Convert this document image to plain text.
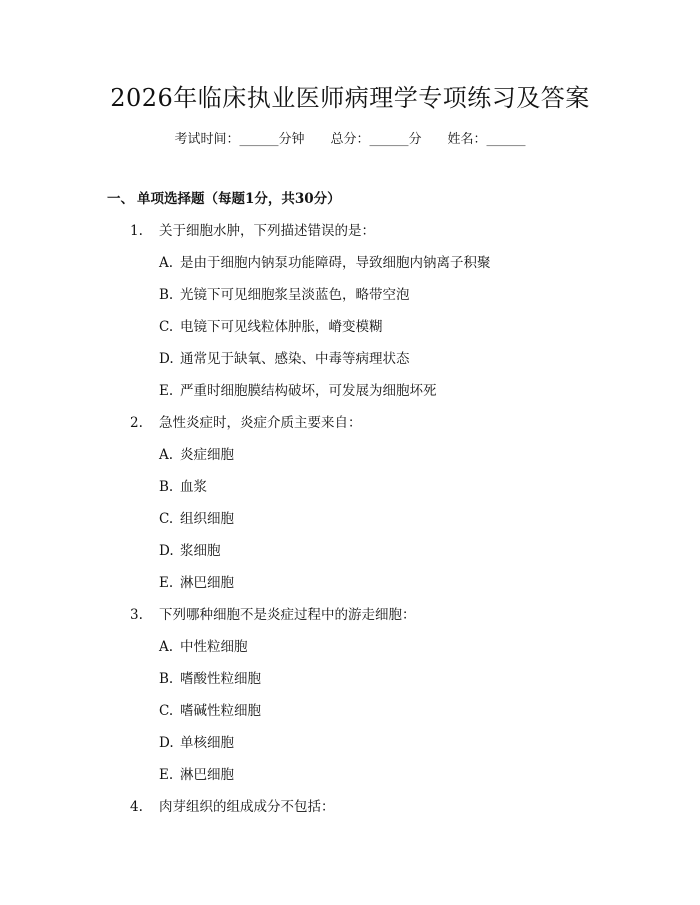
2026年临床执业医师病理学专项练习及答案
考试时间：______分钟 总分：______分 姓名：______
一、 单项选择题（每题1分，共30分）
1. 关于细胞水肿，下列描述错误的是：
A. 是由于细胞内钠泵功能障碍，导致细胞内钠离子积聚
B. 光镜下可见细胞浆呈淡蓝色，略带空泡
C. 电镜下可见线粒体肿胀，嵴变模糊
D. 通常见于缺氧、感染、中毒等病理状态
E. 严重时细胞膜结构破坏，可发展为细胞坏死
2. 急性炎症时，炎症介质主要来自：
A. 炎症细胞
B. 血浆
C. 组织细胞
D. 浆细胞
E. 淋巴细胞
3. 下列哪种细胞不是炎症过程中的游走细胞：
A. 中性粒细胞
B. 嗜酸性粒细胞
C. 嗜碱性粒细胞
D. 单核细胞
E. 淋巴细胞
4. 肉芽组织的组成成分不包括：
